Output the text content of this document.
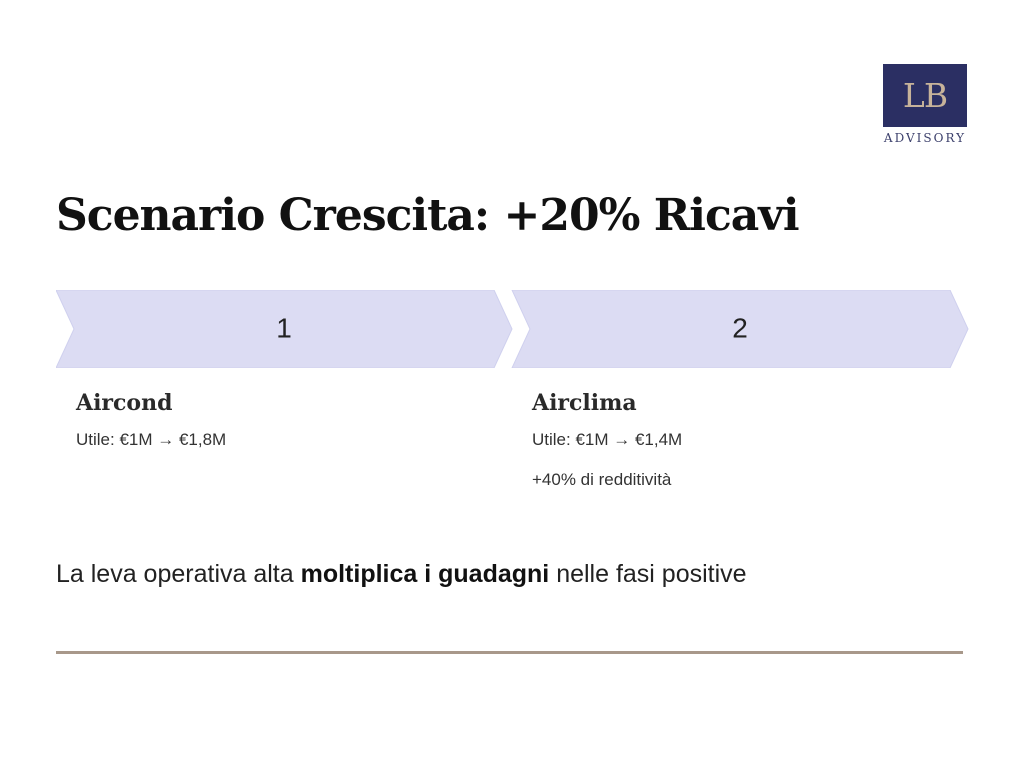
LB
ADVISORY
Scenario Crescita: +20% Ricavi
1	2

Aircond

Utile: €1M → €1,8M

Airclima

Utile: €1M → €1,4M

+40% di redditività

La leva operativa alta moltiplica i guadagni nelle fasi positive
